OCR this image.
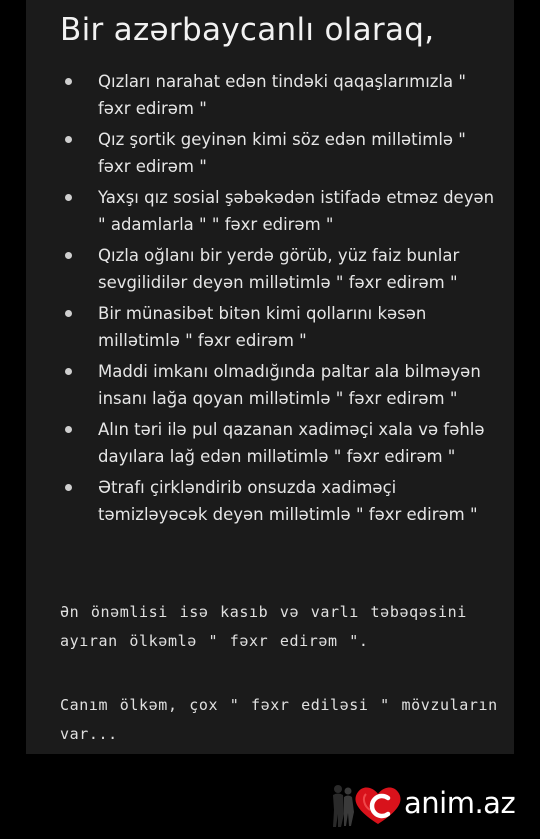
Bir azərbaycanlı olaraq,
Qızları narahat edən tindəki qaqaşlarımızla " fəxr edirəm "
Qız şortik geyinən kimi söz edən millətimlə " fəxr edirəm "
Yaxşı qız sosial şəbəkədən istifadə etməz deyən " adamlarla " " fəxr edirəm "
Qızla oğlanı bir yerdə görüb, yüz faiz bunlar sevgilidilər deyən millətimlə " fəxr edirəm "
Bir münasibət bitən kimi qollarını kəsən millətimlə " fəxr edirəm "
Maddi imkanı olmadığında paltar ala bilməyən insanı lağa qoyan millətimlə " fəxr edirəm "
Alın təri ilə pul qazanan xadiməçi xala və fəhlə dayılara lağ edən millətimlə " fəxr edirəm "
Ətrafı çirkləndirib onsuzda xadiməçi təmizləyəcək deyən millətimlə " fəxr edirəm "
Ən önəmlisi isə kasıb və varlı təbəqəsini ayıran ölkəmlə " fəxr edirəm ".
Canım ölkəm, çox " fəxr ediləsi " mövzuların var...
anim.az
